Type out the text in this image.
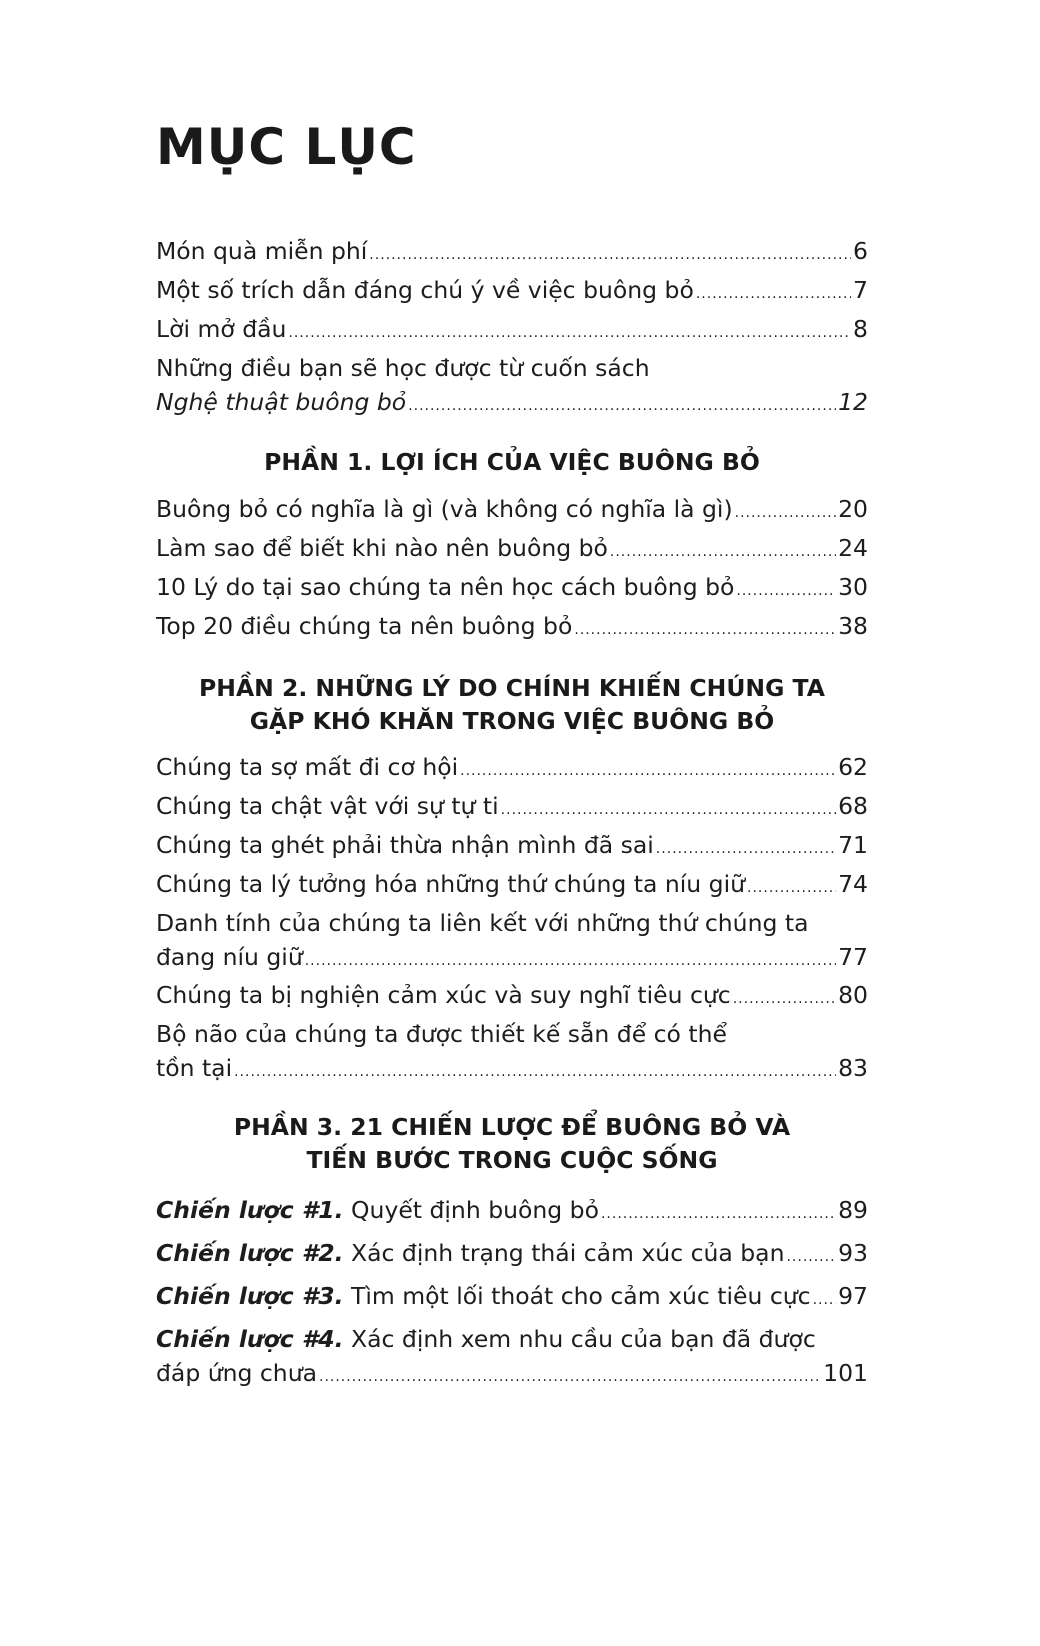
MỤC LỤC
Món quà miễn phí .....	6
Một số trích dẫn đáng chú ý về việc buông bỏ .....	7
Lời mở đầu .....	8
Những điều bạn sẽ học được từ cuốn sách
Nghệ thuật buông bỏ .....	12
PHẦN 1. LỢI ÍCH CỦA VIỆC BUÔNG BỎ
Buông bỏ có nghĩa là gì (và không có nghĩa là gì) .....	20
Làm sao để biết khi nào nên buông bỏ .....	24
10 Lý do tại sao chúng ta nên học cách buông bỏ .....	30
Top 20 điều chúng ta nên buông bỏ .....	38
PHẦN 2. NHỮNG LÝ DO CHÍNH KHIẾN CHÚNG TA
GẶP KHÓ KHĂN TRONG VIỆC BUÔNG BỎ
Chúng ta sợ mất đi cơ hội .....	62
Chúng ta chật vật với sự tự ti .....	68
Chúng ta ghét phải thừa nhận mình đã sai .....	71
Chúng ta lý tưởng hóa những thứ chúng ta níu giữ .....	74
Danh tính của chúng ta liên kết với những thứ chúng ta
đang níu giữ .....	77
Chúng ta bị nghiện cảm xúc và suy nghĩ tiêu cực .....	80
Bộ não của chúng ta được thiết kế sẵn để có thể
tồn tại .....	83
PHẦN 3. 21 CHIẾN LƯỢC ĐỂ BUÔNG BỎ VÀ
TIẾN BƯỚC TRONG CUỘC SỐNG
Chiến lược #1. Quyết định buông bỏ .....	89
Chiến lược #2. Xác định trạng thái cảm xúc của bạn ..... 93
Chiến lược #3. Tìm một lối thoát cho cảm xúc tiêu cực ..... 97
Chiến lược #4. Xác định xem nhu cầu của bạn đã được
đáp ứng chưa .....	101
